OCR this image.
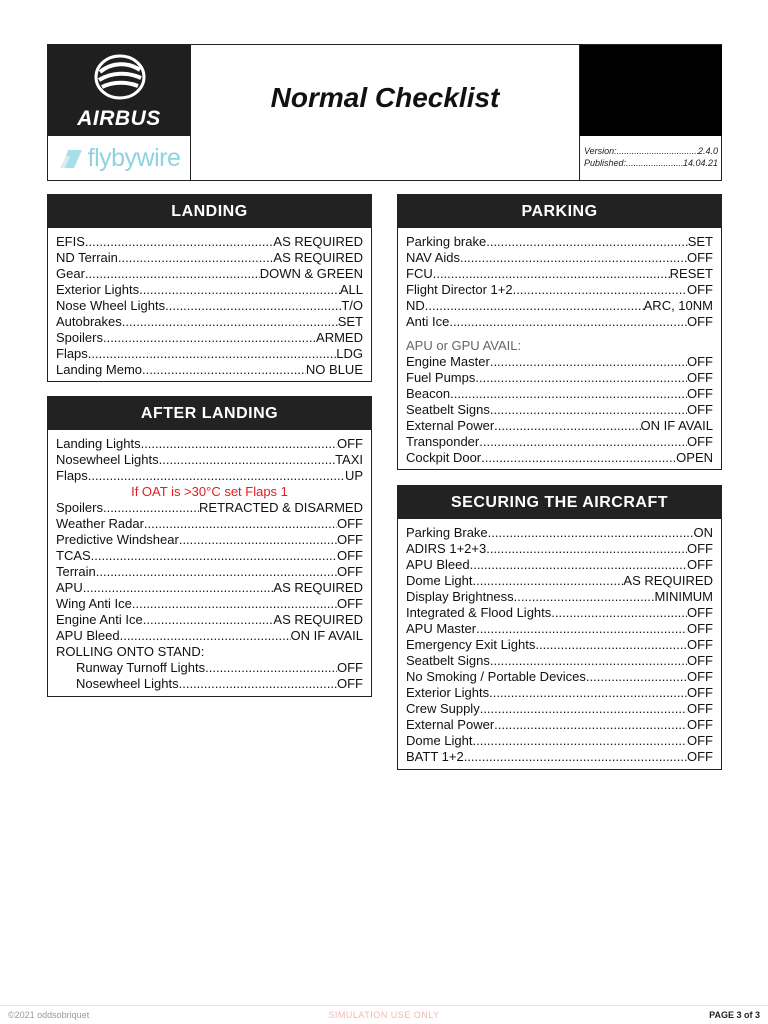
AIRBUS
flybywire
Normal Checklist
Version: .....	2.4.0
Published: .....	14.04.21
LANDING
EFIS .....	AS REQUIRED
ND Terrain .....	AS REQUIRED
Gear .....	DOWN & GREEN
Exterior Lights .....	ALL
Nose Wheel Lights .....	T/O
Autobrakes .....	SET
Spoilers .....	ARMED
Flaps .....	LDG
Landing Memo .....	NO BLUE
AFTER LANDING
Landing Lights .....	OFF
Nosewheel Lights .....	TAXI
Flaps .....	UP
If OAT is >30°C set Flaps 1
Spoilers .....	RETRACTED & DISARMED
Weather Radar .....	OFF
Predictive Windshear .....	OFF
TCAS .....	OFF
Terrain .....	OFF
APU .....	AS REQUIRED
Wing Anti Ice .....	OFF
Engine Anti Ice .....	AS REQUIRED
APU Bleed .....	ON IF AVAIL
ROLLING ONTO STAND:
Runway Turnoff Lights .....	OFF
Nosewheel Lights .....	OFF
PARKING
Parking brake .....	SET
NAV Aids .....	OFF
FCU .....	RESET
Flight Director 1+2 .....	OFF
ND .....	ARC, 10NM
Anti Ice .....	OFF
APU or GPU AVAIL:
Engine Master .....	OFF
Fuel Pumps .....	OFF
Beacon .....	OFF
Seatbelt Signs .....	OFF
External Power .....	ON IF AVAIL
Transponder .....	OFF
Cockpit Door .....	OPEN
SECURING THE AIRCRAFT
Parking Brake .....	ON
ADIRS 1+2+3 .....	OFF
APU Bleed .....	OFF
Dome Light .....	AS REQUIRED
Display Brightness .....	MINIMUM
Integrated & Flood Lights .....	OFF
APU Master .....	OFF
Emergency Exit Lights .....	OFF
Seatbelt Signs .....	OFF
No Smoking / Portable Devices .....	OFF
Exterior Lights .....	OFF
Crew Supply .....	OFF
External Power .....	OFF
Dome Light .....	OFF
BATT 1+2 .....	OFF
©2021 oddsobriquet	SIMULATION USE ONLY	PAGE 3 of 3
